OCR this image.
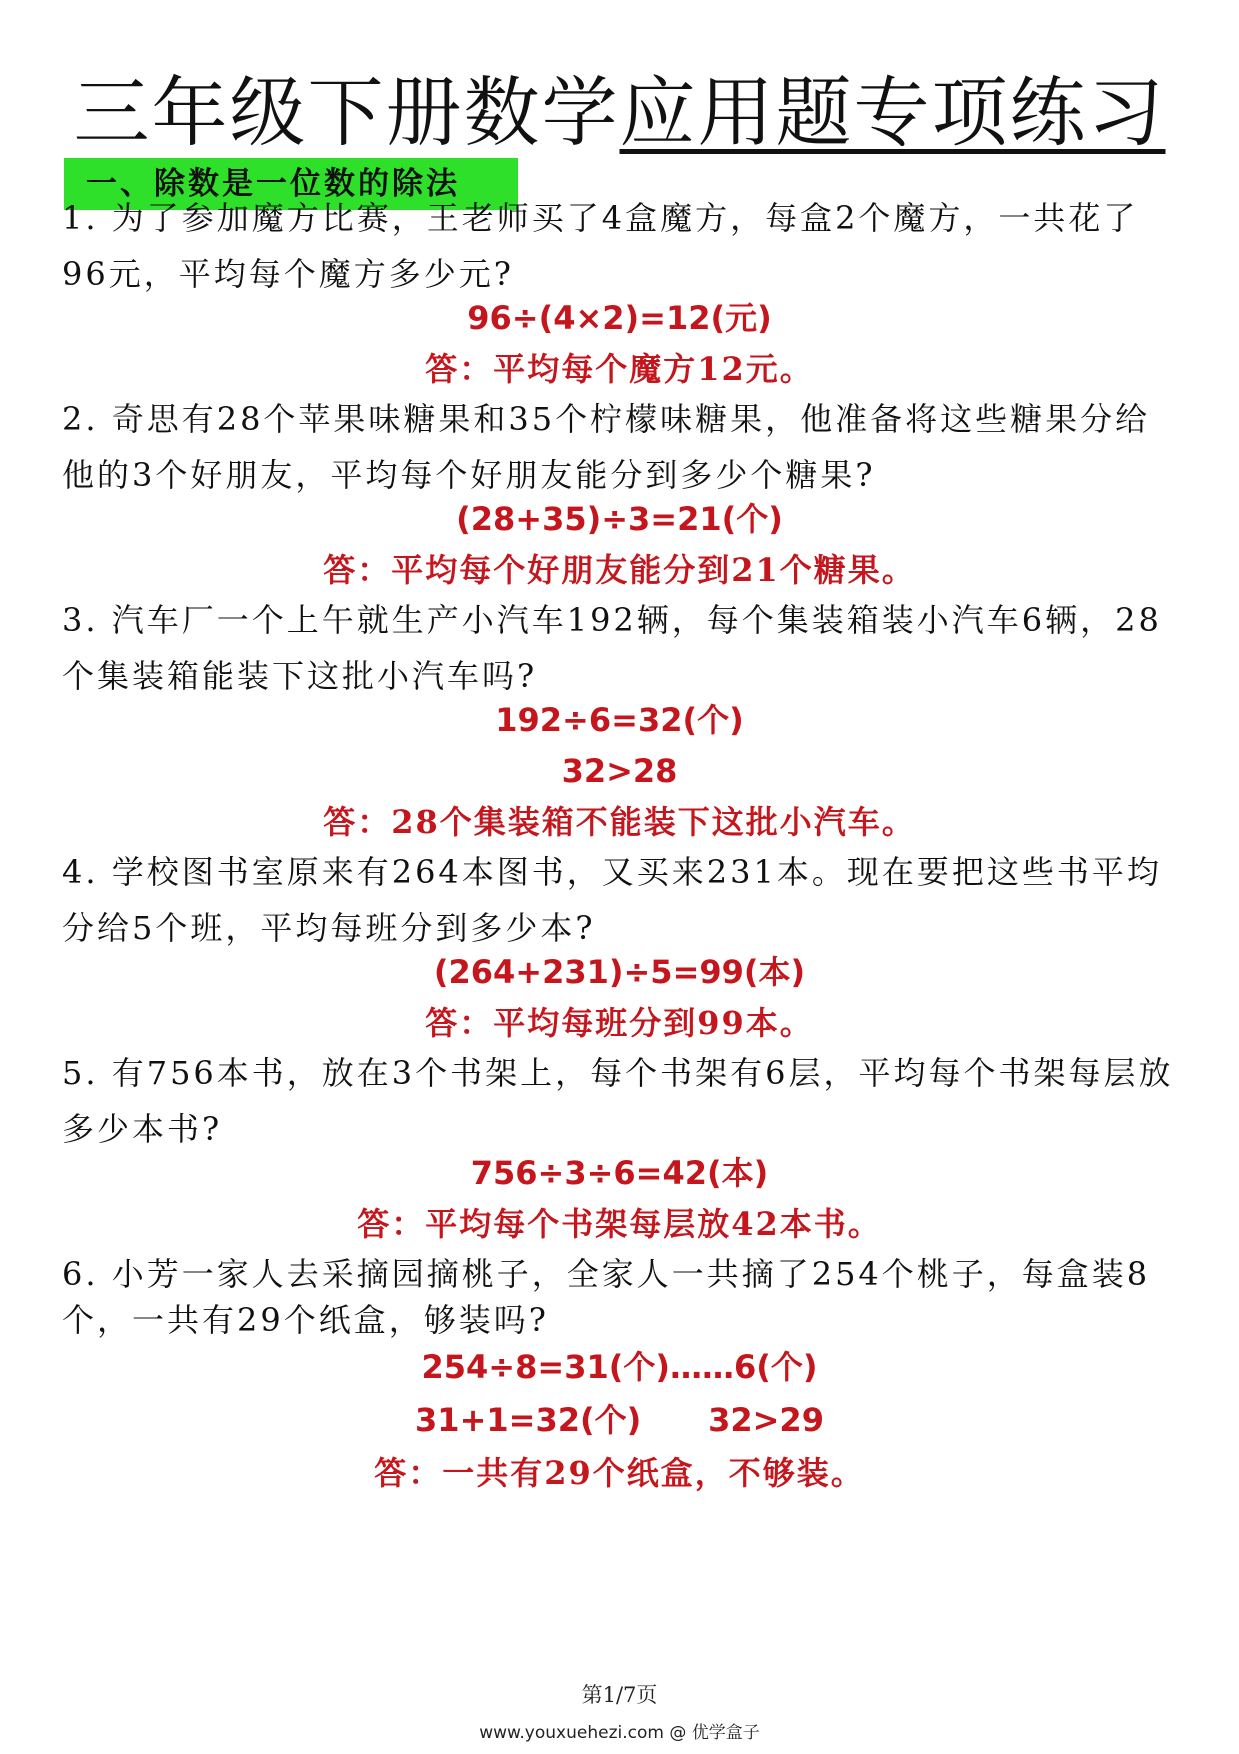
三年级下册数学应用题专项练习
一、除数是一位数的除法
1. 为了参加魔方比赛，王老师买了4盒魔方，每盒2个魔方，一共花了96元，平均每个魔方多少元?
96÷(4×2)=12(元)
答：平均每个魔方12元。
2. 奇思有28个苹果味糖果和35个柠檬味糖果，他准备将这些糖果分给他的3个好朋友，平均每个好朋友能分到多少个糖果?
(28+35)÷3=21(个)
答：平均每个好朋友能分到21个糖果。
3. 汽车厂一个上午就生产小汽车192辆，每个集装箱装小汽车6辆，28个集装箱能装下这批小汽车吗?
192÷6=32(个)
32>28
答：28个集装箱不能装下这批小汽车。
4. 学校图书室原来有264本图书，又买来231本。现在要把这些书平均分给5个班，平均每班分到多少本?
(264+231)÷5=99(本)
答：平均每班分到99本。
5. 有756本书，放在3个书架上，每个书架有6层，平均每个书架每层放多少本书?
756÷3÷6=42(本)
答：平均每个书架每层放42本书。
6. 小芳一家人去采摘园摘桃子，全家人一共摘了254个桃子，每盒装8个，一共有29个纸盒，够装吗?
254÷8=31(个)……6(个)
31+1=32(个)      32>29
答：一共有29个纸盒，不够装。
第1/7页
www.youxuehezi.com @ 优学盒子
